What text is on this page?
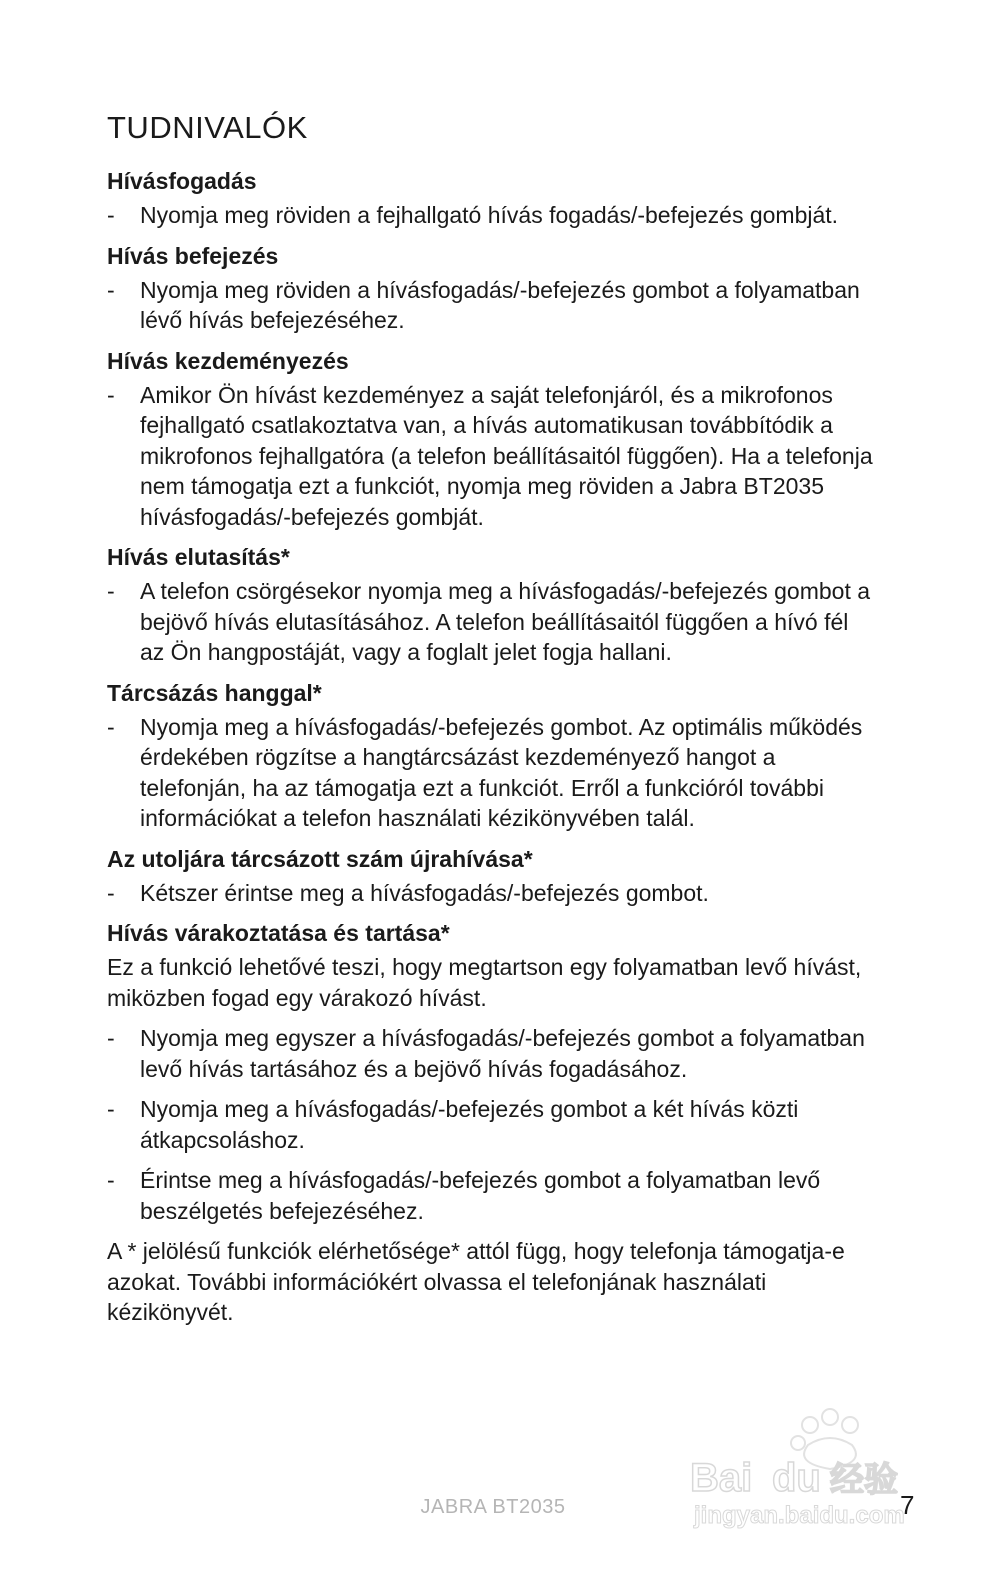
TUDNIVALÓK
Hívásfogadás
- Nyomja meg röviden a fejhallgató hívás fogadás/-befejezés gombját.
Hívás befejezés
- Nyomja meg röviden a hívásfogadás/-befejezés gombot a folyamatban lévő hívás befejezéséhez.
Hívás kezdeményezés
- Amikor Ön hívást kezdeményez a saját telefonjáról, és a mikrofonos fejhallgató csatlakoztatva van, a hívás automatikusan továbbítódik a mikrofonos fejhallgatóra (a telefon beállításaitól függően). Ha a telefonja nem támogatja ezt a funkciót, nyomja meg röviden a Jabra BT2035 hívásfogadás/-befejezés gombját.
Hívás elutasítás*
- A telefon csörgésekor nyomja meg a hívásfogadás/-befejezés gombot a bejövő hívás elutasításához. A telefon beállításaitól függően a hívó fél az Ön hangpostáját, vagy a foglalt jelet fogja hallani.
Tárcsázás hanggal*
- Nyomja meg a hívásfogadás/-befejezés gombot. Az optimális működés érdekében rögzítse a hangtárcsázást kezdeményező hangot a telefonján, ha az támogatja ezt a funkciót. Erről a funkcióról további információkat a telefon használati kézikönyvében talál.
Az utoljára tárcsázott szám újrahívása*
- Kétszer érintse meg a hívásfogadás/-befejezés gombot.
Hívás várakoztatása és tartása*

Ez a funkció lehetővé teszi, hogy megtartson egy folyamatban levő hívást, miközben fogad egy várakozó hívást.

- Nyomja meg egyszer a hívásfogadás/-befejezés gombot a folyamatban levő hívás tartásához és a bejövő hívás fogadásához.
- Nyomja meg a hívásfogadás/-befejezés gombot a két hívás közti átkapcsoláshoz.
- Érintse meg a hívásfogadás/-befejezés gombot a folyamatban levő beszélgetés befejezéséhez.

A * jelölésű funkciók elérhetősége* attól függ, hogy telefonja támogatja-e azokat. További információkért olvassa el telefonjának használati kézikönyvét.

JABRA BT2035	7
Bai du 经验
jingyan.baidu.com
